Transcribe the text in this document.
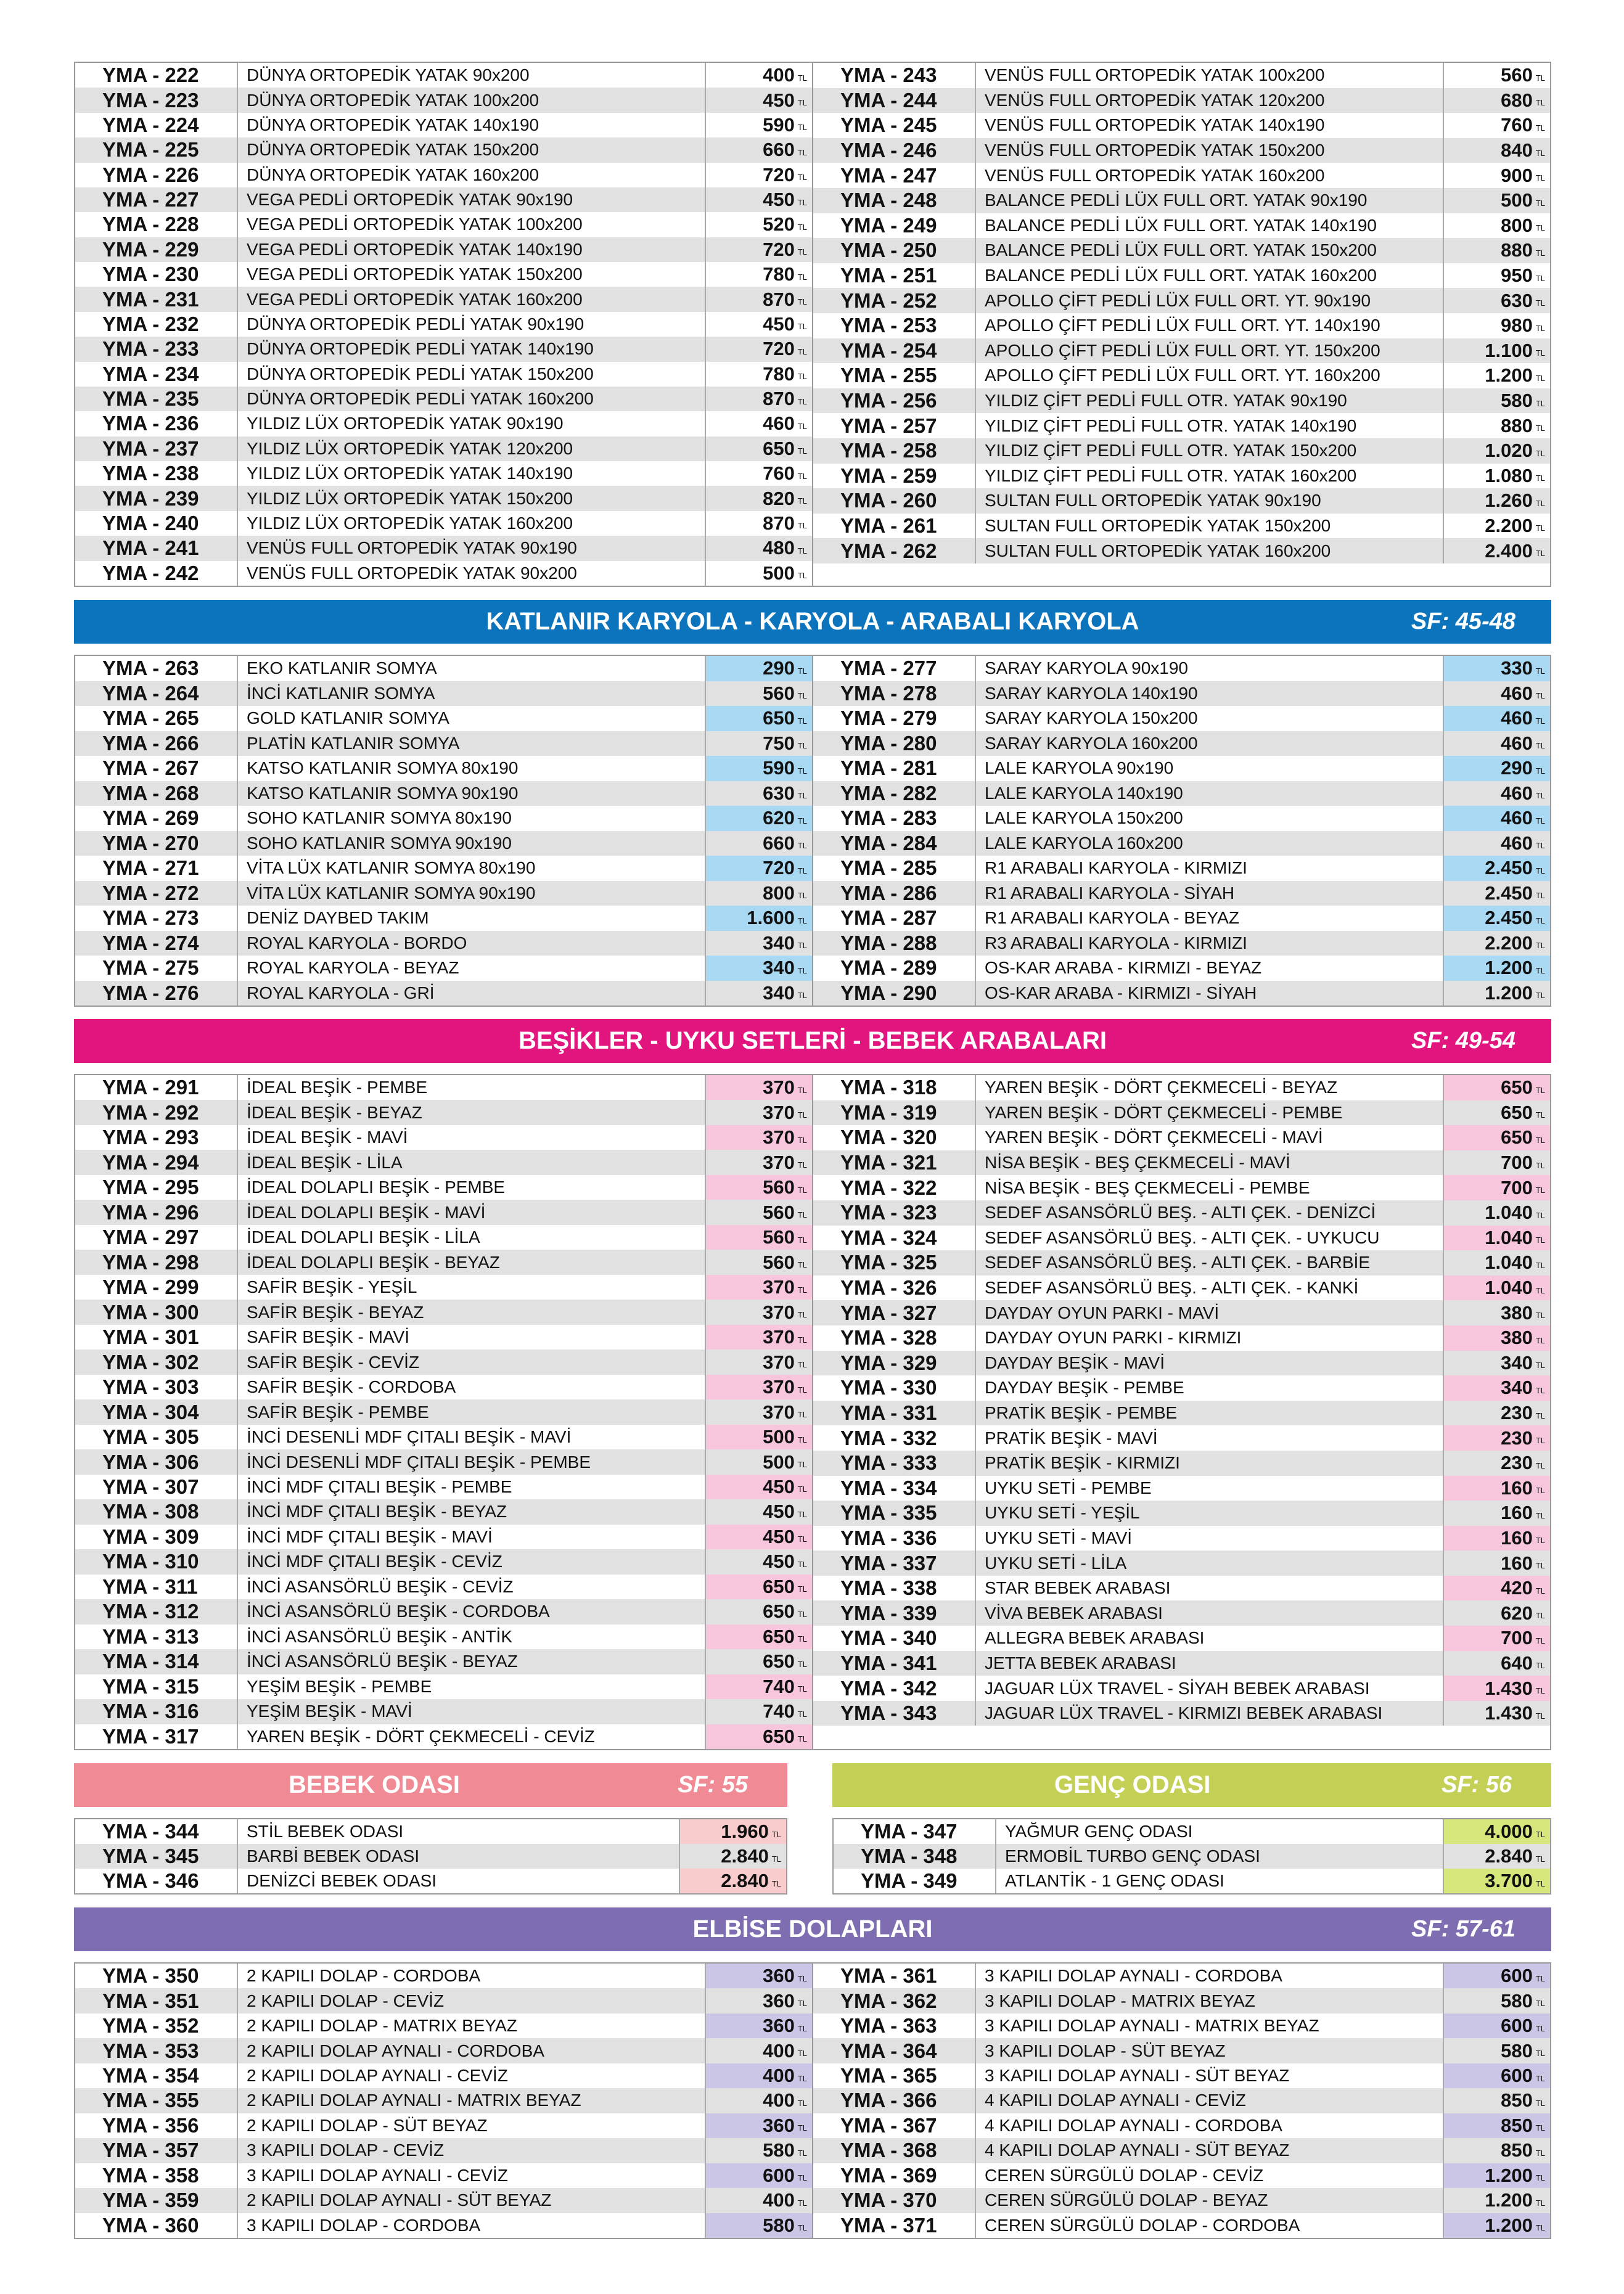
KATLANIR KARYOLA - KARYOLA - ARABALI KARYOLA	SF: 45-48
BEŞİKLER - UYKU SETLERİ - BEBEK ARABALARI	SF: 49-54
BEBEK ODASI	SF: 55	GENÇ ODASI	SF: 56
ELBİSE DOLAPLARI	SF: 57-61
YMA - 222	DÜNYA ORTOPEDİK YATAK 90x200	400 TL
YMA - 223	DÜNYA ORTOPEDİK YATAK 100x200	450 TL
YMA - 224	DÜNYA ORTOPEDİK YATAK 140x190	590 TL
YMA - 225	DÜNYA ORTOPEDİK YATAK 150x200	660 TL
YMA - 226	DÜNYA ORTOPEDİK YATAK 160x200	720 TL
YMA - 227	VEGA PEDLİ ORTOPEDİK YATAK 90x190	450 TL
YMA - 228	VEGA PEDLİ ORTOPEDİK YATAK 100x200	520 TL
YMA - 229	VEGA PEDLİ ORTOPEDİK YATAK 140x190	720 TL
YMA - 230	VEGA PEDLİ ORTOPEDİK YATAK 150x200	780 TL
YMA - 231	VEGA PEDLİ ORTOPEDİK YATAK 160x200	870 TL
YMA - 232	DÜNYA ORTOPEDİK PEDLİ YATAK 90x190	450 TL
YMA - 233	DÜNYA ORTOPEDİK PEDLİ YATAK 140x190	720 TL
YMA - 234	DÜNYA ORTOPEDİK PEDLİ YATAK 150x200	780 TL
YMA - 235	DÜNYA ORTOPEDİK PEDLİ YATAK 160x200	870 TL
YMA - 236	YILDIZ LÜX ORTOPEDİK YATAK 90x190	460 TL
YMA - 237	YILDIZ LÜX ORTOPEDİK YATAK 120x200	650 TL
YMA - 238	YILDIZ LÜX ORTOPEDİK YATAK 140x190	760 TL
YMA - 239	YILDIZ LÜX ORTOPEDİK YATAK 150x200	820 TL
YMA - 240	YILDIZ LÜX ORTOPEDİK YATAK 160x200	870 TL
YMA - 241	VENÜS FULL ORTOPEDİK YATAK 90x190	480 TL
YMA - 242	VENÜS FULL ORTOPEDİK YATAK 90x200	500 TL
YMA - 243	VENÜS FULL ORTOPEDİK YATAK 100x200	560 TL
YMA - 244	VENÜS FULL ORTOPEDİK YATAK 120x200	680 TL
YMA - 245	VENÜS FULL ORTOPEDİK YATAK 140x190	760 TL
YMA - 246	VENÜS FULL ORTOPEDİK YATAK 150x200	840 TL
YMA - 247	VENÜS FULL ORTOPEDİK YATAK 160x200	900 TL
YMA - 248	BALANCE PEDLİ LÜX FULL ORT. YATAK 90x190	500 TL
YMA - 249	BALANCE PEDLİ LÜX FULL ORT. YATAK 140x190	800 TL
YMA - 250	BALANCE PEDLİ LÜX FULL ORT. YATAK 150x200	880 TL
YMA - 251	BALANCE PEDLİ LÜX FULL ORT. YATAK 160x200	950 TL
YMA - 252	APOLLO ÇİFT PEDLİ LÜX FULL ORT. YT. 90x190	630 TL
YMA - 253	APOLLO ÇİFT PEDLİ LÜX FULL ORT. YT. 140x190	980 TL
YMA - 254	APOLLO ÇİFT PEDLİ LÜX FULL ORT. YT. 150x200	1.100 TL
YMA - 255	APOLLO ÇİFT PEDLİ LÜX FULL ORT. YT. 160x200	1.200 TL
YMA - 256	YILDIZ ÇİFT PEDLİ FULL OTR. YATAK 90x190	580 TL
YMA - 257	YILDIZ ÇİFT PEDLİ FULL OTR. YATAK 140x190	880 TL
YMA - 258	YILDIZ ÇİFT PEDLİ FULL OTR. YATAK 150x200	1.020 TL
YMA - 259	YILDIZ ÇİFT PEDLİ FULL OTR. YATAK 160x200	1.080 TL
YMA - 260	SULTAN FULL ORTOPEDİK YATAK 90x190	1.260 TL
YMA - 261	SULTAN FULL ORTOPEDİK YATAK 150x200	2.200 TL
YMA - 262	SULTAN FULL ORTOPEDİK YATAK 160x200	2.400 TL
YMA - 263	EKO KATLANIR SOMYA	290 TL
YMA - 264	İNCİ KATLANIR SOMYA	560 TL
YMA - 265	GOLD KATLANIR SOMYA	650 TL
YMA - 266	PLATİN KATLANIR SOMYA	750 TL
YMA - 267	KATSO KATLANIR SOMYA 80x190	590 TL
YMA - 268	KATSO KATLANIR SOMYA 90x190	630 TL
YMA - 269	SOHO KATLANIR SOMYA 80x190	620 TL
YMA - 270	SOHO KATLANIR SOMYA 90x190	660 TL
YMA - 271	VİTA LÜX KATLANIR SOMYA 80x190	720 TL
YMA - 272	VİTA LÜX KATLANIR SOMYA 90x190	800 TL
YMA - 273	DENİZ DAYBED TAKIM	1.600 TL
YMA - 274	ROYAL KARYOLA - BORDO	340 TL
YMA - 275	ROYAL KARYOLA - BEYAZ	340 TL
YMA - 276	ROYAL KARYOLA - GRİ	340 TL
YMA - 277	SARAY KARYOLA 90x190	330 TL
YMA - 278	SARAY KARYOLA 140x190	460 TL
YMA - 279	SARAY KARYOLA 150x200	460 TL
YMA - 280	SARAY KARYOLA 160x200	460 TL
YMA - 281	LALE KARYOLA 90x190	290 TL
YMA - 282	LALE KARYOLA 140x190	460 TL
YMA - 283	LALE KARYOLA 150x200	460 TL
YMA - 284	LALE KARYOLA 160x200	460 TL
YMA - 285	R1 ARABALI KARYOLA - KIRMIZI	2.450 TL
YMA - 286	R1 ARABALI KARYOLA - SİYAH	2.450 TL
YMA - 287	R1 ARABALI KARYOLA - BEYAZ	2.450 TL
YMA - 288	R3 ARABALI KARYOLA - KIRMIZI	2.200 TL
YMA - 289	OS-KAR ARABA - KIRMIZI - BEYAZ	1.200 TL
YMA - 290	OS-KAR ARABA - KIRMIZI - SİYAH	1.200 TL
YMA - 291	İDEAL BEŞİK - PEMBE	370 TL
YMA - 292	İDEAL BEŞİK - BEYAZ	370 TL
YMA - 293	İDEAL BEŞİK - MAVİ	370 TL
YMA - 294	İDEAL BEŞİK - LİLA	370 TL
YMA - 295	İDEAL DOLAPLI BEŞİK - PEMBE	560 TL
YMA - 296	İDEAL DOLAPLI BEŞİK - MAVİ	560 TL
YMA - 297	İDEAL DOLAPLI BEŞİK - LİLA	560 TL
YMA - 298	İDEAL DOLAPLI BEŞİK - BEYAZ	560 TL
YMA - 299	SAFİR BEŞİK - YEŞİL	370 TL
YMA - 300	SAFİR BEŞİK - BEYAZ	370 TL
YMA - 301	SAFİR BEŞİK - MAVİ	370 TL
YMA - 302	SAFİR BEŞİK - CEVİZ	370 TL
YMA - 303	SAFİR BEŞİK - CORDOBA	370 TL
YMA - 304	SAFİR BEŞİK - PEMBE	370 TL
YMA - 305	İNCİ DESENLİ MDF ÇITALI BEŞİK - MAVİ	500 TL
YMA - 306	İNCİ DESENLİ MDF ÇITALI BEŞİK - PEMBE	500 TL
YMA - 307	İNCİ MDF ÇITALI BEŞİK - PEMBE	450 TL
YMA - 308	İNCİ MDF ÇITALI BEŞİK - BEYAZ	450 TL
YMA - 309	İNCİ MDF ÇITALI BEŞİK - MAVİ	450 TL
YMA - 310	İNCİ MDF ÇITALI BEŞİK - CEVİZ	450 TL
YMA - 311	İNCİ ASANSÖRLÜ BEŞİK - CEVİZ	650 TL
YMA - 312	İNCİ ASANSÖRLÜ BEŞİK - CORDOBA	650 TL
YMA - 313	İNCİ ASANSÖRLÜ BEŞİK - ANTİK	650 TL
YMA - 314	İNCİ ASANSÖRLÜ BEŞİK - BEYAZ	650 TL
YMA - 315	YEŞİM BEŞİK - PEMBE	740 TL
YMA - 316	YEŞİM BEŞİK - MAVİ	740 TL
YMA - 317	YAREN BEŞİK - DÖRT ÇEKMECELİ - CEVİZ	650 TL
YMA - 318	YAREN BEŞİK - DÖRT ÇEKMECELİ - BEYAZ	650 TL
YMA - 319	YAREN BEŞİK - DÖRT ÇEKMECELİ - PEMBE	650 TL
YMA - 320	YAREN BEŞİK - DÖRT ÇEKMECELİ - MAVİ	650 TL
YMA - 321	NİSA BEŞİK - BEŞ ÇEKMECELİ - MAVİ	700 TL
YMA - 322	NİSA BEŞİK - BEŞ ÇEKMECELİ - PEMBE	700 TL
YMA - 323	SEDEF ASANSÖRLÜ BEŞ. - ALTI ÇEK. - DENİZCİ	1.040 TL
YMA - 324	SEDEF ASANSÖRLÜ BEŞ. - ALTI ÇEK. - UYKUCU	1.040 TL
YMA - 325	SEDEF ASANSÖRLÜ BEŞ. - ALTI ÇEK. - BARBİE	1.040 TL
YMA - 326	SEDEF ASANSÖRLÜ BEŞ. - ALTI ÇEK. - KANKİ	1.040 TL
YMA - 327	DAYDAY OYUN PARKI - MAVİ	380 TL
YMA - 328	DAYDAY OYUN PARKI - KIRMIZI	380 TL
YMA - 329	DAYDAY BEŞİK - MAVİ	340 TL
YMA - 330	DAYDAY BEŞİK - PEMBE	340 TL
YMA - 331	PRATİK BEŞİK - PEMBE	230 TL
YMA - 332	PRATİK BEŞİK - MAVİ	230 TL
YMA - 333	PRATİK BEŞİK - KIRMIZI	230 TL
YMA - 334	UYKU SETİ - PEMBE	160 TL
YMA - 335	UYKU SETİ - YEŞİL	160 TL
YMA - 336	UYKU SETİ - MAVİ	160 TL
YMA - 337	UYKU SETİ - LİLA	160 TL
YMA - 338	STAR BEBEK ARABASI	420 TL
YMA - 339	VİVA BEBEK ARABASI	620 TL
YMA - 340	ALLEGRA BEBEK ARABASI	700 TL
YMA - 341	JETTA BEBEK ARABASI	640 TL
YMA - 342	JAGUAR LÜX TRAVEL - SİYAH BEBEK ARABASI	1.430 TL
YMA - 343	JAGUAR LÜX TRAVEL - KIRMIZI BEBEK ARABASI	1.430 TL
YMA - 344	STİL BEBEK ODASI	1.960 TL
YMA - 345	BARBİ BEBEK ODASI	2.840 TL
YMA - 346	DENİZCİ BEBEK ODASI	2.840 TL
YMA - 347	YAĞMUR GENÇ ODASI	4.000 TL
YMA - 348	ERMOBİL TURBO GENÇ ODASI	2.840 TL
YMA - 349	ATLANTİK - 1 GENÇ ODASI	3.700 TL
YMA - 350	2 KAPILI DOLAP - CORDOBA	360 TL
YMA - 351	2 KAPILI DOLAP - CEVİZ	360 TL
YMA - 352	2 KAPILI DOLAP - MATRIX BEYAZ	360 TL
YMA - 353	2 KAPILI DOLAP AYNALI - CORDOBA	400 TL
YMA - 354	2 KAPILI DOLAP AYNALI - CEVİZ	400 TL
YMA - 355	2 KAPILI DOLAP AYNALI - MATRIX BEYAZ	400 TL
YMA - 356	2 KAPILI DOLAP - SÜT BEYAZ	360 TL
YMA - 357	3 KAPILI DOLAP - CEVİZ	580 TL
YMA - 358	3 KAPILI DOLAP AYNALI - CEVİZ	600 TL
YMA - 359	2 KAPILI DOLAP AYNALI - SÜT BEYAZ	400 TL
YMA - 360	3 KAPILI DOLAP - CORDOBA	580 TL
YMA - 361	3 KAPILI DOLAP AYNALI - CORDOBA	600 TL
YMA - 362	3 KAPILI DOLAP - MATRIX BEYAZ	580 TL
YMA - 363	3 KAPILI DOLAP AYNALI - MATRIX BEYAZ	600 TL
YMA - 364	3 KAPILI DOLAP - SÜT BEYAZ	580 TL
YMA - 365	3 KAPILI DOLAP AYNALI - SÜT BEYAZ	600 TL
YMA - 366	4 KAPILI DOLAP AYNALI - CEVİZ	850 TL
YMA - 367	4 KAPILI DOLAP AYNALI - CORDOBA	850 TL
YMA - 368	4 KAPILI DOLAP AYNALI - SÜT BEYAZ	850 TL
YMA - 369	CEREN SÜRGÜLÜ DOLAP - CEVİZ	1.200 TL
YMA - 370	CEREN SÜRGÜLÜ DOLAP - BEYAZ	1.200 TL
YMA - 371	CEREN SÜRGÜLÜ DOLAP - CORDOBA	1.200 TL
